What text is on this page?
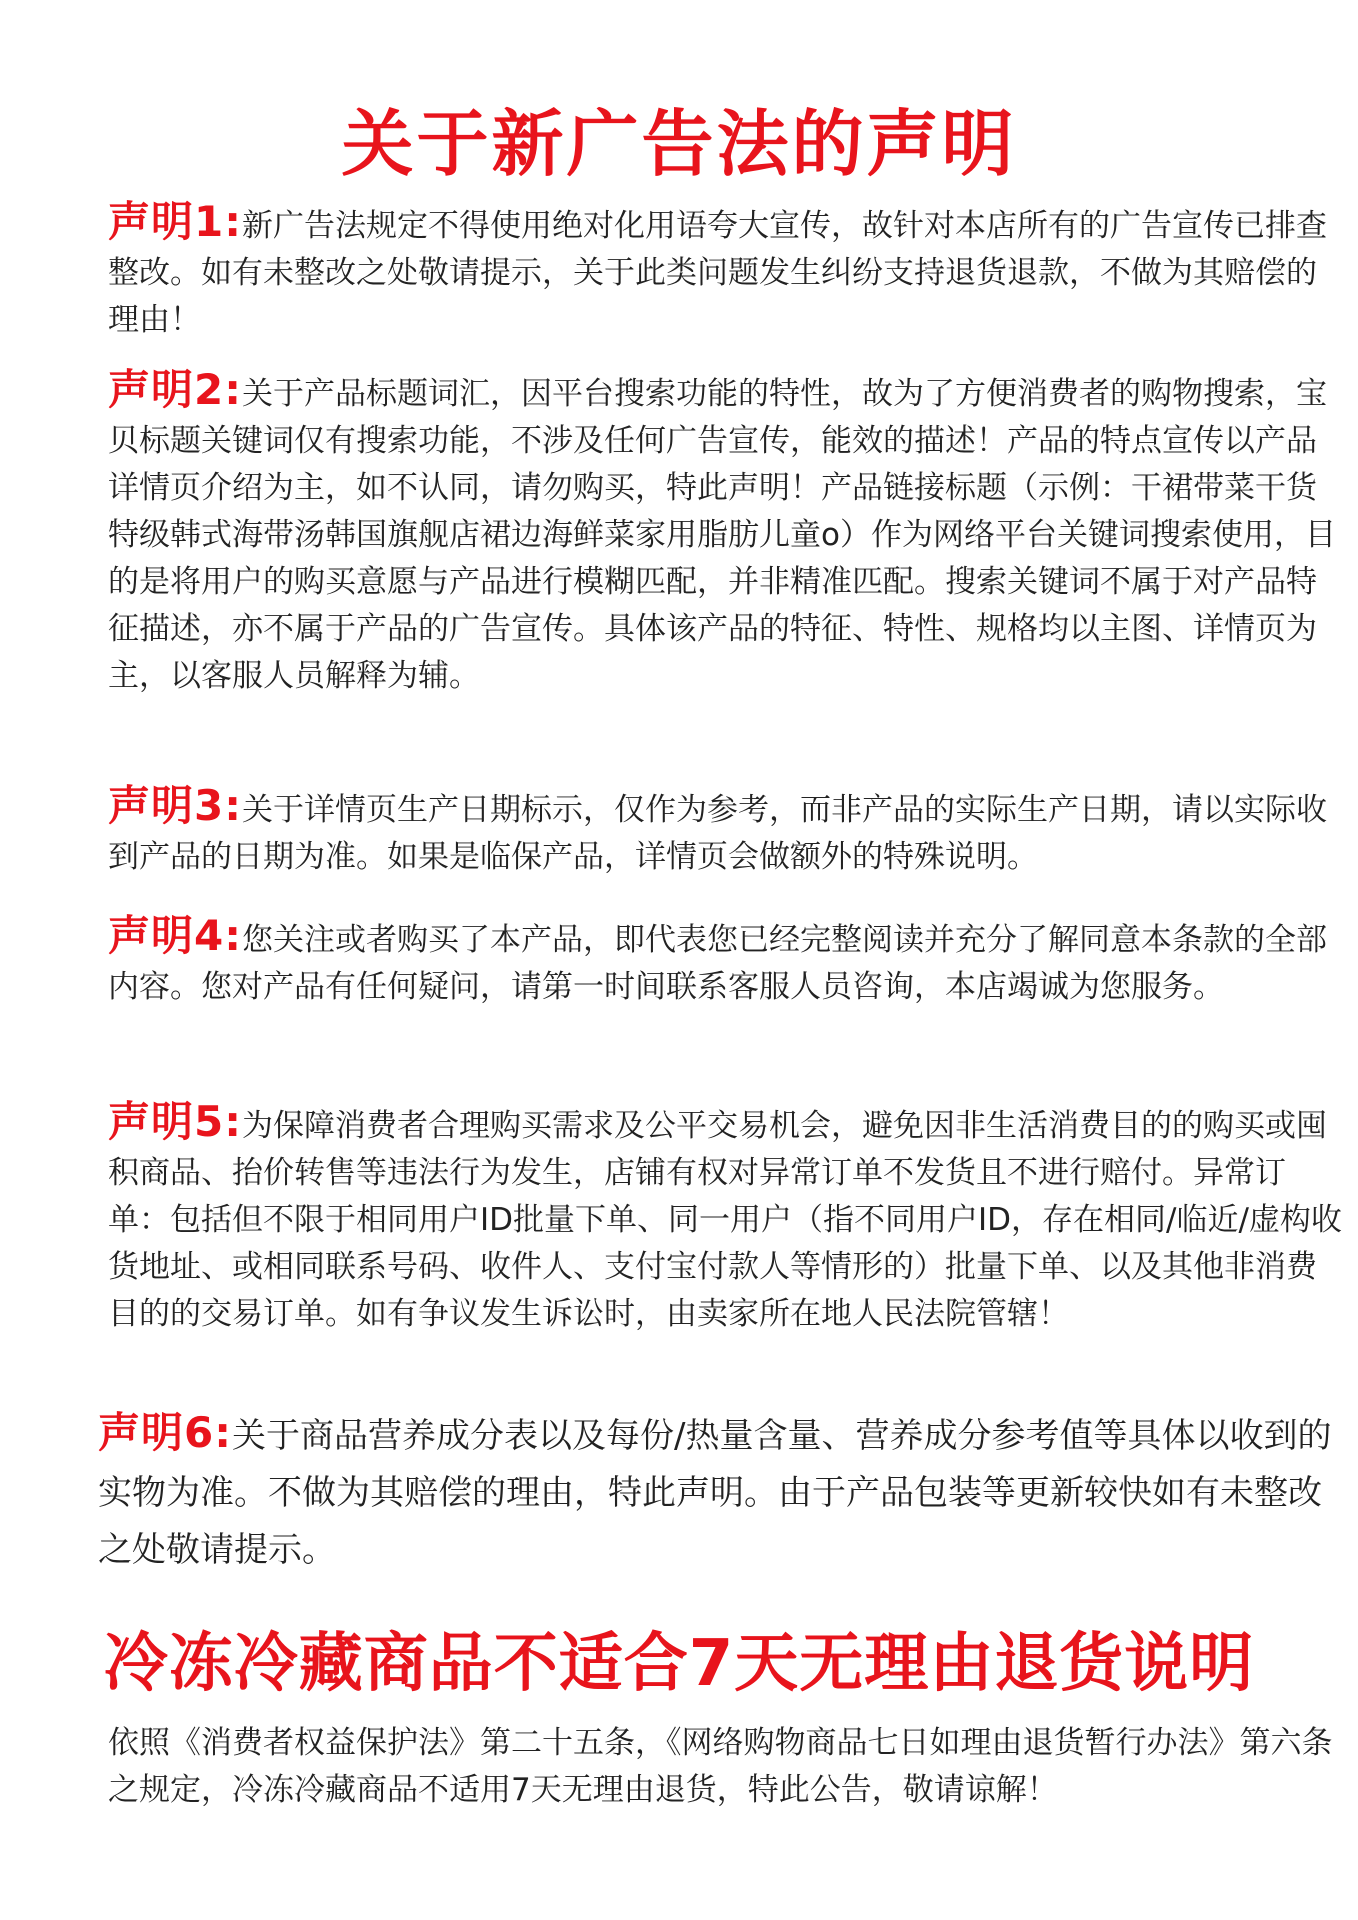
关于新广告法的声明

声明1:新广告法规定不得使用绝对化用语夸大宣传，故针对本店所有的广告宣传已排查整改。如有未整改之处敬请提示，关于此类问题发生纠纷支持退货退款，不做为其赔偿的理由！

声明2:关于产品标题词汇，因平台搜索功能的特性，故为了方便消费者的购物搜索，宝贝标题关键词仅有搜索功能，不涉及任何广告宣传，能效的描述！产品的特点宣传以产品详情页介绍为主，如不认同，请勿购买，特此声明！产品链接标题（示例：干裙带菜干货特级韩式海带汤韩国旗舰店裙边海鲜菜家用脂肪儿童o）作为网络平台关键词搜索使用，目的是将用户的购买意愿与产品进行模糊匹配，并非精准匹配。搜索关键词不属于对产品特征描述，亦不属于产品的广告宣传。具体该产品的特征、特性、规格均以主图、详情页为主，以客服人员解释为辅。

声明3:关于详情页生产日期标示，仅作为参考，而非产品的实际生产日期，请以实际收到产品的日期为准。如果是临保产品，详情页会做额外的特殊说明。

声明4:您关注或者购买了本产品，即代表您已经完整阅读并充分了解同意本条款的全部内容。您对产品有任何疑问，请第一时间联系客服人员咨询，本店竭诚为您服务。

声明5:为保障消费者合理购买需求及公平交易机会，避免因非生活消费目的的购买或囤积商品、抬价转售等违法行为发生，店铺有权对异常订单不发货且不进行赔付。异常订单：包括但不限于相同用户ID批量下单、同一用户（指不同用户ID，存在相同/临近/虚构收货地址、或相同联系号码、收件人、支付宝付款人等情形的）批量下单、以及其他非消费目的的交易订单。如有争议发生诉讼时，由卖家所在地人民法院管辖！

声明6:关于商品营养成分表以及每份/热量含量、营养成分参考值等具体以收到的实物为准。不做为其赔偿的理由，特此声明。由于产品包装等更新较快如有未整改之处敬请提示。

冷冻冷藏商品不适合7天无理由退货说明

依照《消费者权益保护法》第二十五条，《网络购物商品七日如理由退货暂行办法》第六条之规定，冷冻冷藏商品不适用7天无理由退货，特此公告，敬请谅解！
